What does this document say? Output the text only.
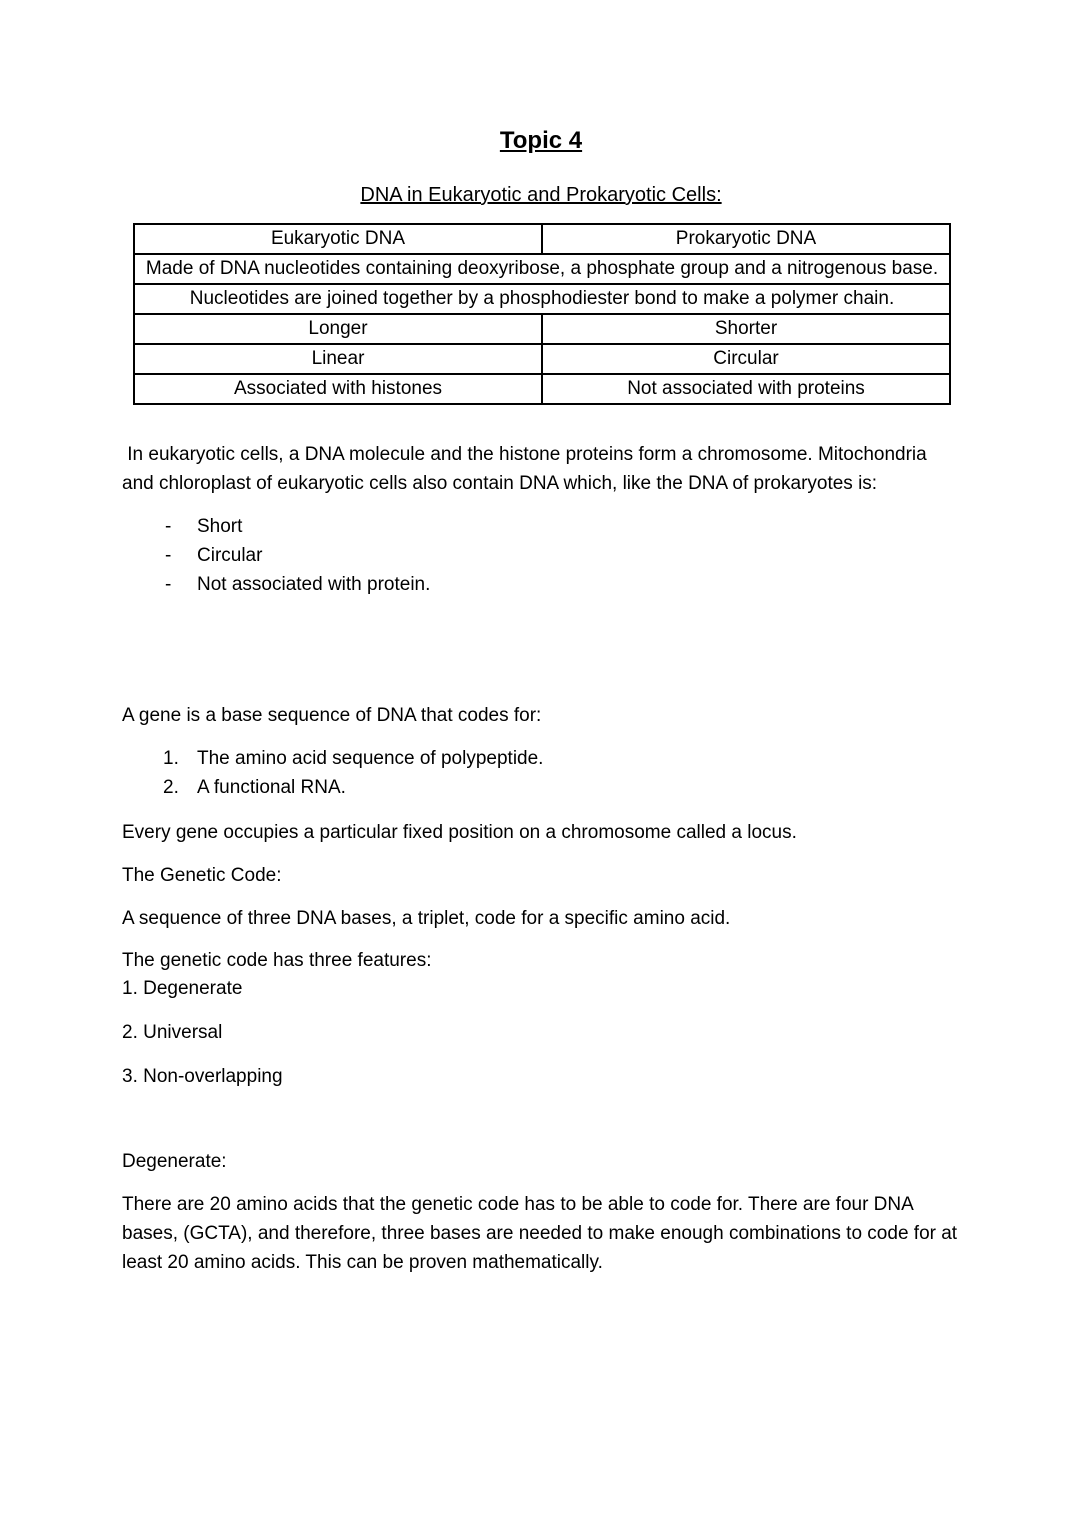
Topic 4
DNA in Eukaryotic and Prokaryotic Cells:
Eukaryotic DNA	Prokaryotic DNA
Made of DNA nucleotides containing deoxyribose, a phosphate group and a nitrogenous base.	
Nucleotides are joined together by a phosphodiester bond to make a polymer chain.	
Longer	Shorter
Linear	Circular
Associated with histones	Not associated with proteins

In eukaryotic cells, a DNA molecule and the histone proteins form a chromosome. Mitochondria and chloroplast of eukaryotic cells also contain DNA which, like the DNA of prokaryotes is:

-	Short
-	Circular
-	Not associated with protein.

A gene is a base sequence of DNA that codes for:

1. The amino acid sequence of polypeptide.
2. A functional RNA.

Every gene occupies a particular fixed position on a chromosome called a locus.

The Genetic Code:

A sequence of three DNA bases, a triplet, code for a specific amino acid.

The genetic code has three features:
1. Degenerate

2. Universal

3. Non-overlapping

Degenerate:

There are 20 amino acids that the genetic code has to be able to code for. There are four DNA bases, (GCTA), and therefore, three bases are needed to make enough combinations to code for at least 20 amino acids. This can be proven mathematically.
